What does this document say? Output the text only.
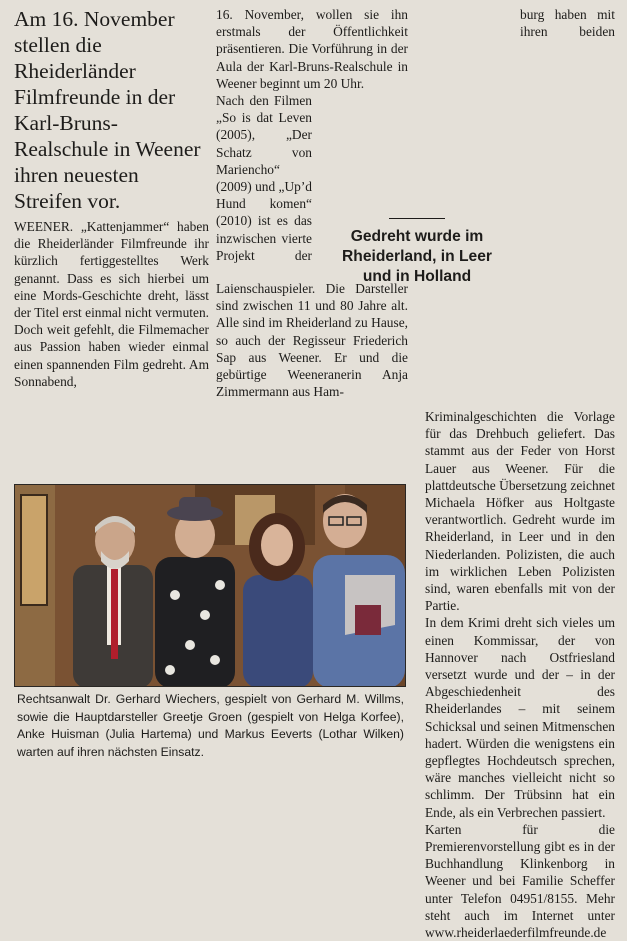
Am 16. November stellen die Rheiderländer Filmfreunde in der Karl-Bruns-Realschule in Weener ihren neuesten Streifen vor.

WEENER. „Kattenjammer“ haben die Rheiderländer Filmfreunde ihr kürzlich fertiggestelltes Werk genannt. Dass es sich hierbei um eine Mords-Geschichte dreht, lässt der Titel erst einmal nicht vermuten. Doch weit gefehlt, die Filmemacher aus Passion haben wieder einmal einen spannenden Film gedreht. Am Sonnabend,

16. November, wollen sie ihn erstmals der Öffentlichkeit präsentieren. Die Vorführung in der Aula der Karl-Bruns-Realschule in Weener beginnt um 20 Uhr.

Nach den Filmen „So is dat Leven (2005), „Der Schatz von Mariencho“ (2009) und „Up’d Hund komen“ (2010) ist es das inzwischen vierte Projekt der Laienschauspieler. Die Darsteller sind zwischen 11 und 80 Jahre alt. Alle sind im Rheiderland zu Hause, so auch der Regisseur Friederich Sap aus Weener. Er und die gebürtige Weeneranerin Anja Zimmermann aus Ham-

burg haben mit ihren beiden Kriminalgeschichten die Vorlage für das Drehbuch geliefert. Das stammt aus der Feder von Horst Lauer aus Weener. Für die plattdeutsche Übersetzung zeichnet Michaela Höfker aus Holtgaste verantwortlich. Gedreht wurde im Rheiderland, in Leer und in den Niederlanden. Polizisten, die auch im wirklichen Leben Polizisten sind, waren ebenfalls mit von der Partie.

In dem Krimi dreht sich vieles um einen Kommissar, der von Hannover nach Ostfriesland versetzt wurde und der – in der Abgeschiedenheit des Rheiderlandes – mit seinem Schicksal und seinen Mitmenschen hadert. Würden die wenigstens ein gepflegtes Hochdeutsch sprechen, wäre manches vielleicht nicht so schlimm. Der Trübsinn hat ein Ende, als ein Verbrechen passiert.

Karten für die Premierenvorstellung gibt es in der Buchhandlung Klinkenborg in Weener und bei Familie Scheffer unter Telefon 04951/8155. Mehr steht auch im Internet unter www.rheiderlaederfilmfreunde.de

Gedreht wurde im Rheiderland, in Leer und in Holland
Rechtsanwalt Dr. Gerhard Wiechers, gespielt von Gerhard M. Willms, sowie die Hauptdarsteller Greetje Groen (gespielt von Helga Korfee), Anke Huisman (Julia Hartema) und Markus Eeverts (Lothar Wilken) warten auf ihren nächsten Einsatz.
